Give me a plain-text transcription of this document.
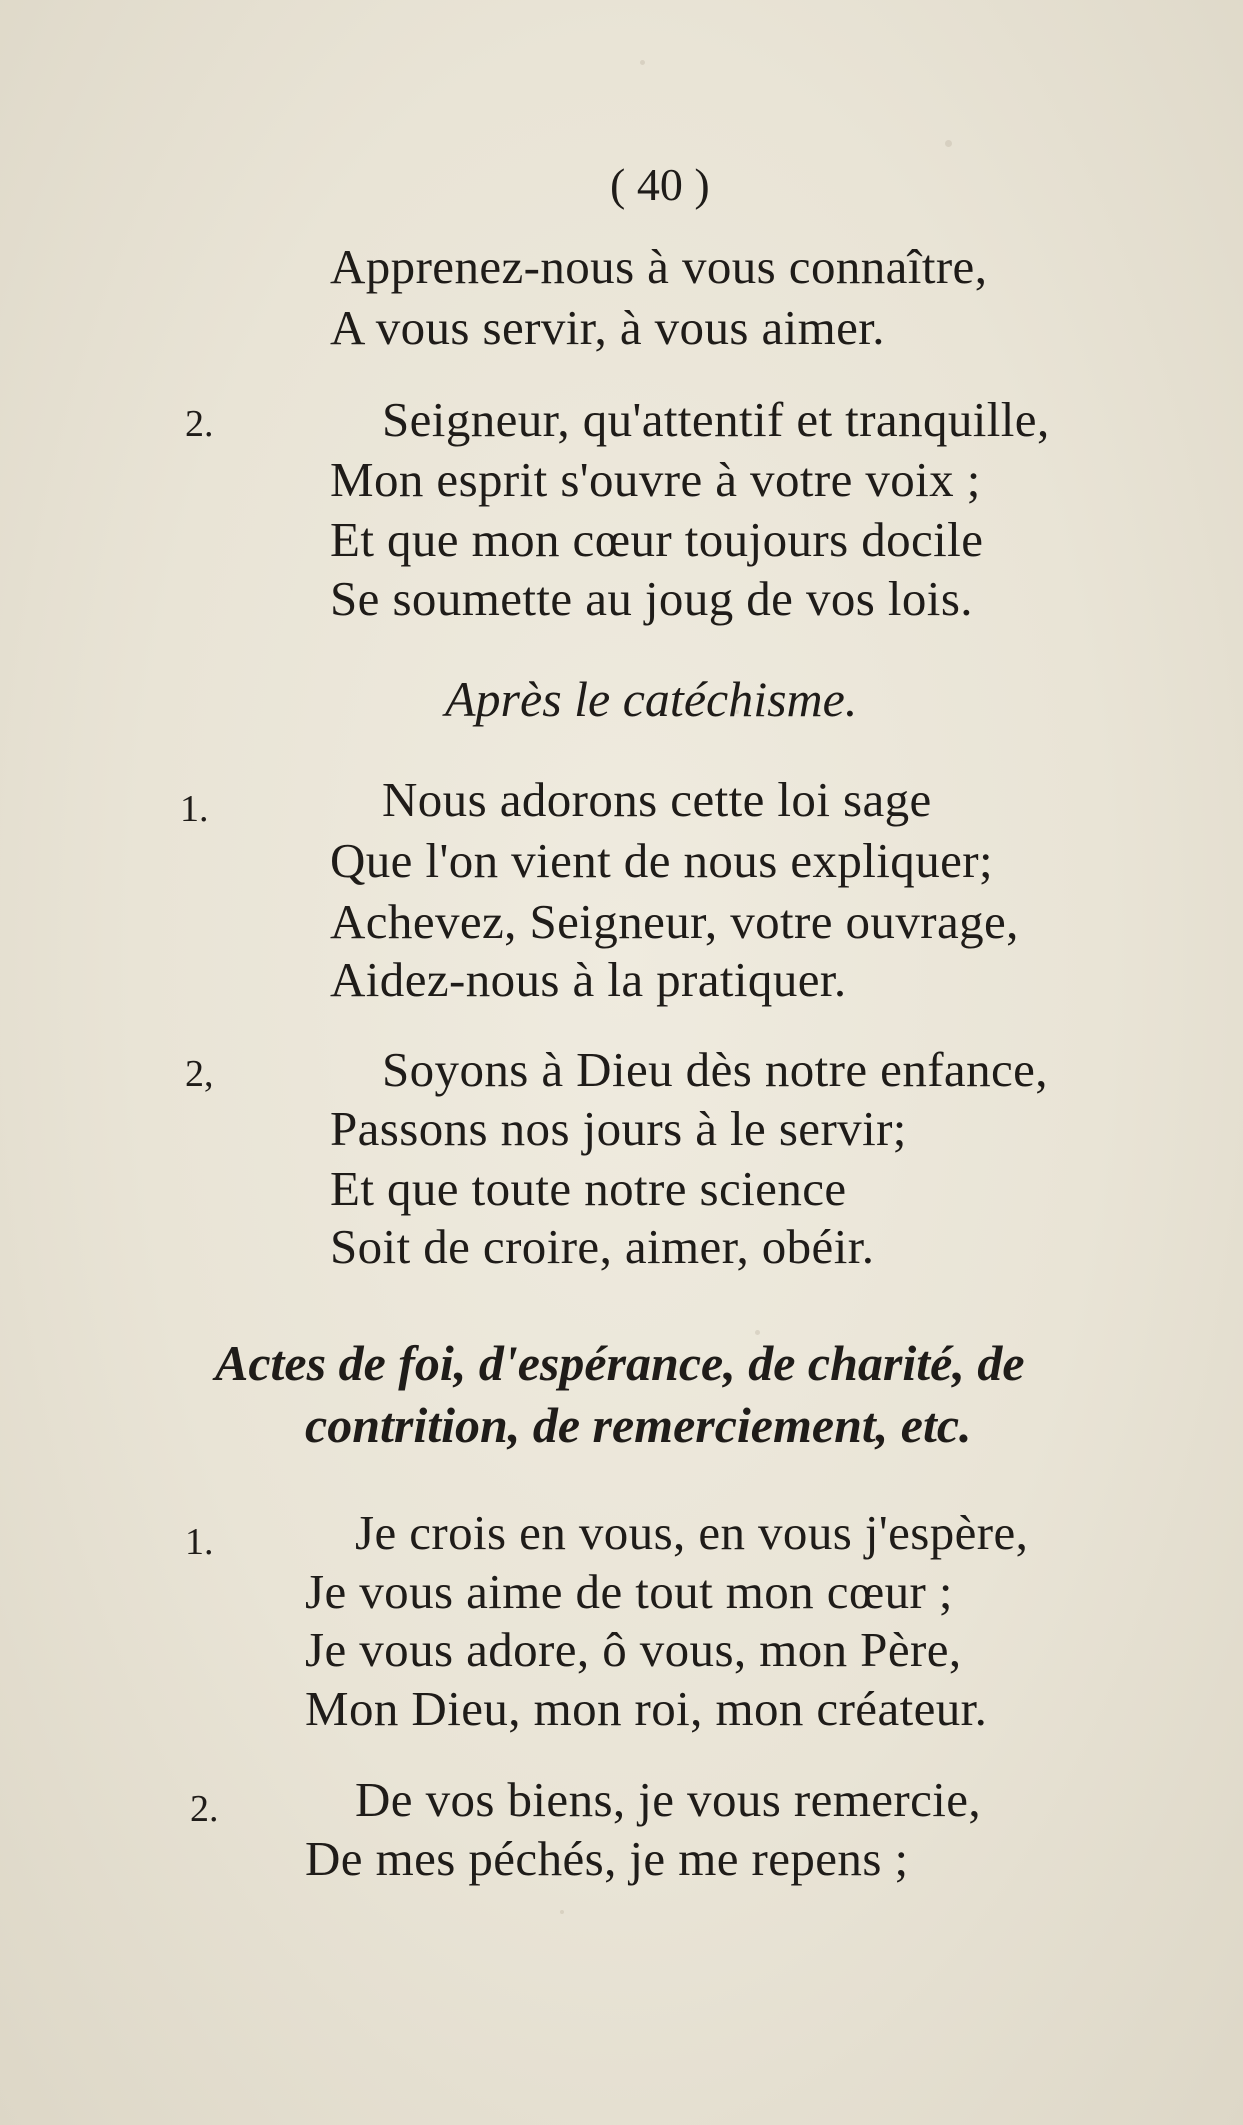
( 40 )
Apprenez-nous à vous connaître,
A vous servir, à vous aimer.
2.	Seigneur, qu'attentif et tranquille,
Mon esprit s'ouvre à votre voix ;
Et que mon cœur toujours docile
Se soumette au joug de vos lois.
Après le catéchisme.
1.	Nous adorons cette loi sage
Que l'on vient de nous expliquer;
Achevez, Seigneur, votre ouvrage,
Aidez-nous à la pratiquer.
2,	Soyons à Dieu dès notre enfance,
Passons nos jours à le servir;
Et que toute notre science
Soit de croire, aimer, obéir.
Actes de foi, d'espérance, de charité, de
contrition, de remerciement, etc.
1.	Je crois en vous, en vous j'espère,
Je vous aime de tout mon cœur ;
Je vous adore, ô vous, mon Père,
Mon Dieu, mon roi, mon créateur.
2.	De vos biens, je vous remercie,
De mes péchés, je me repens ;
